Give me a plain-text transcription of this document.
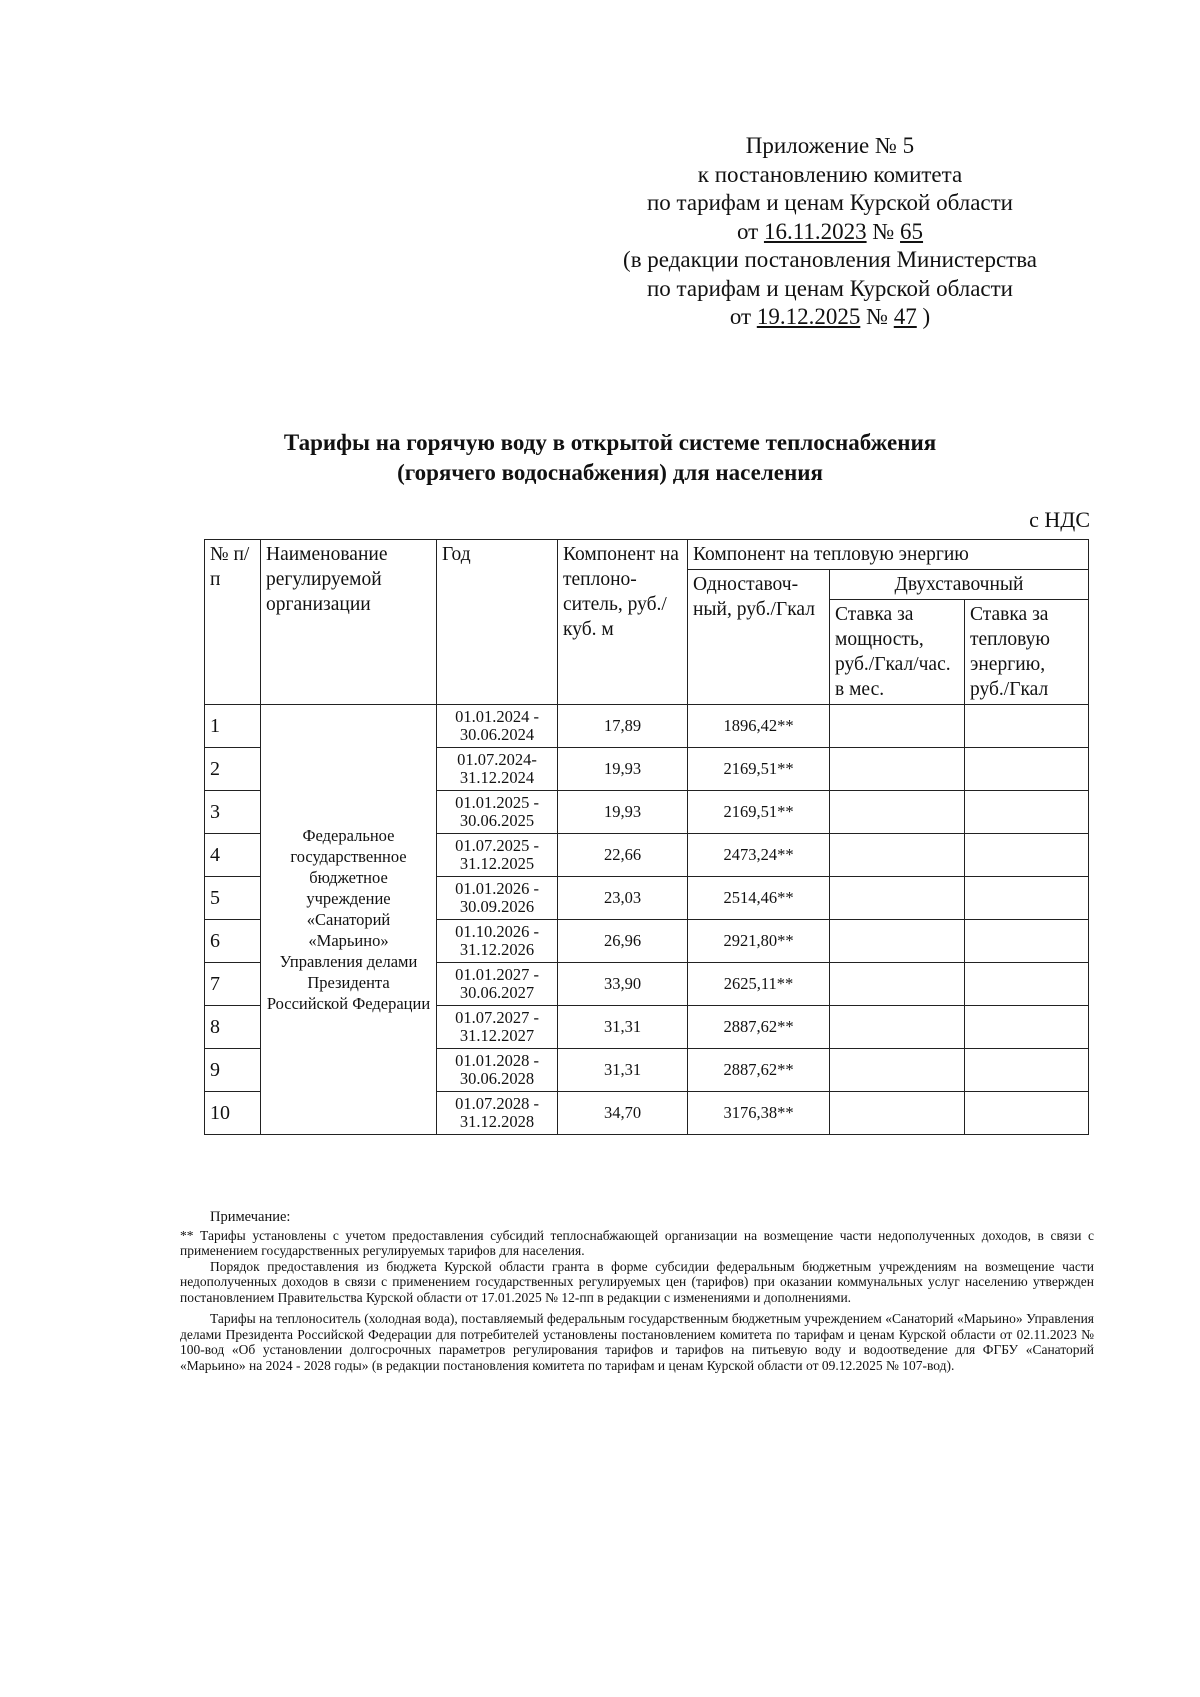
Приложение № 5
к постановлению комитета
по тарифам и ценам Курской области
от 16.11.2023 № 65
(в редакции постановления Министерства
по тарифам и ценам Курской области
от 19.12.2025 № 47 )
Тарифы на горячую воду в открытой системе теплоснабжения
(горячего водоснабжения) для населения
с НДС
№ п/п	Наименование регулируемой организации	Год	Компонент на теплоно-ситель, руб./куб. м	Компонент на тепловую энергию		
				Одноставоч-ный, руб./Гкал	Двухставочный	
					Ставка за мощность, руб./Гкал/час. в мес.	Ставка за тепловую энергию, руб./Гкал
1	Федеральное государственное бюджетное учреждение «Санаторий «Марьино» Управления делами Президента Российской Федерации	01.01.2024 - 30.06.2024	17,89	1896,42**		
2		01.07.2024- 31.12.2024	19,93	2169,51**		
3		01.01.2025 - 30.06.2025	19,93	2169,51**		
4		01.07.2025 - 31.12.2025	22,66	2473,24**		
5		01.01.2026 - 30.09.2026	23,03	2514,46**		
6		01.10.2026 - 31.12.2026	26,96	2921,80**		
7		01.01.2027 - 30.06.2027	33,90	2625,11**		
8		01.07.2027 - 31.12.2027	31,31	2887,62**		
9		01.01.2028 - 30.06.2028	31,31	2887,62**		
10		01.07.2028 - 31.12.2028	34,70	3176,38**		

Примечание:

** Тарифы установлены с учетом предоставления субсидий теплоснабжающей организации на возмещение части недополученных доходов, в связи с применением государственных регулируемых тарифов для населения.

Порядок предоставления из бюджета Курской области гранта в форме субсидии федеральным бюджетным учреждениям на возмещение части недополученных доходов в связи с применением государственных регулируемых цен (тарифов) при оказании коммунальных услуг населению утвержден постановлением Правительства Курской области от 17.01.2025 № 12-пп в редакции с изменениями и дополнениями.

Тарифы на теплоноситель (холодная вода), поставляемый федеральным государственным бюджетным учреждением «Санаторий «Марьино» Управления делами Президента Российской Федерации для потребителей установлены постановлением комитета по тарифам и ценам Курской области от 02.11.2023 № 100-вод «Об установлении долгосрочных параметров регулирования тарифов и тарифов на питьевую воду и водоотведение для ФГБУ «Санаторий «Марьино» на 2024 - 2028 годы» (в редакции постановления комитета по тарифам и ценам Курской области от 09.12.2025 № 107-вод).
